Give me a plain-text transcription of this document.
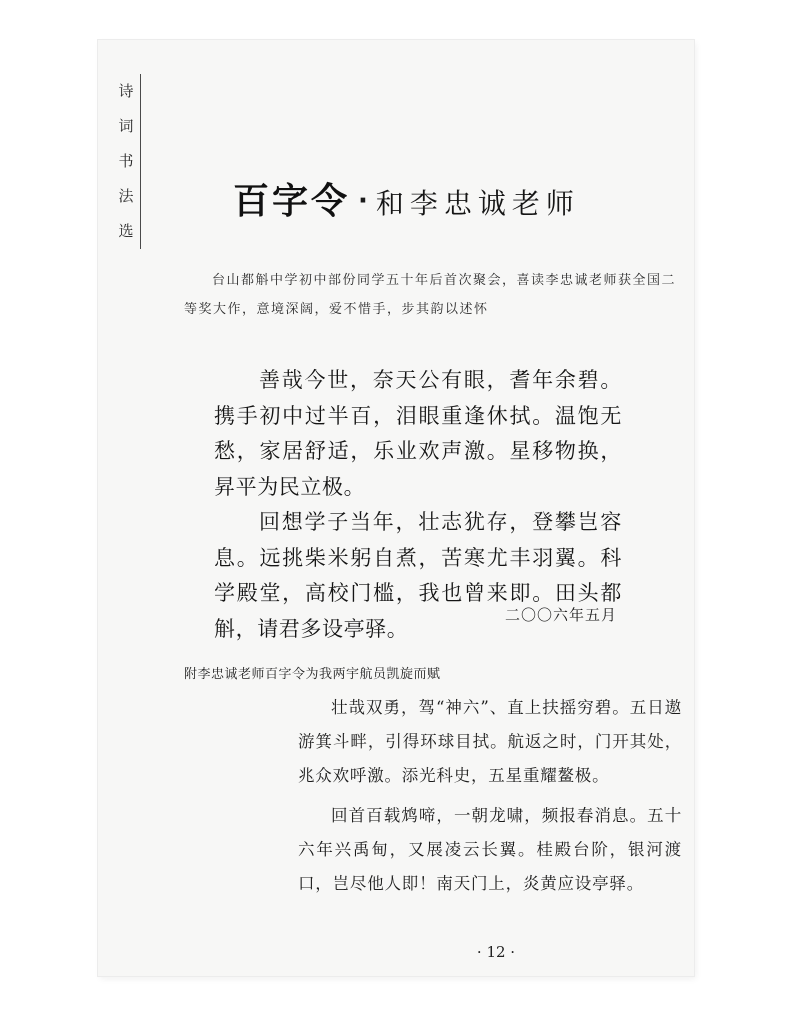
诗
词
书
法
选
百字令 · 和李忠诚老师
台山都斛中学初中部份同学五十年后首次聚会，喜读李忠诚老师获全国二等奖大作，意境深阔，爱不惜手，步其韵以述怀

善哉今世，奈天公有眼，耆年余碧。携手初中过半百，泪眼重逢休拭。温饱无愁，家居舒适，乐业欢声激。星移物换，昇平为民立极。

回想学子当年，壮志犹存，登攀岂容息。远挑柴米躬自煮，苦寒尤丰羽翼。科学殿堂，高校门槛，我也曾来即。田头都斛，请君多设亭驿。

二〇〇六年五月
附李忠诚老师百字令为我两宇航员凯旋而赋

壮哉双勇，驾“神六”、直上扶摇穷碧。五日遨游箕斗畔，引得环球目拭。航返之时，门开其处，兆众欢呼激。添光科史，五星重耀鳌极。

回首百载鸩啼，一朝龙啸，频报春消息。五十六年兴禹甸，又展凌云长翼。桂殿台阶，银河渡口，岂尽他人即！南天门上，炎黄应设亭驿。

· 12 ·
